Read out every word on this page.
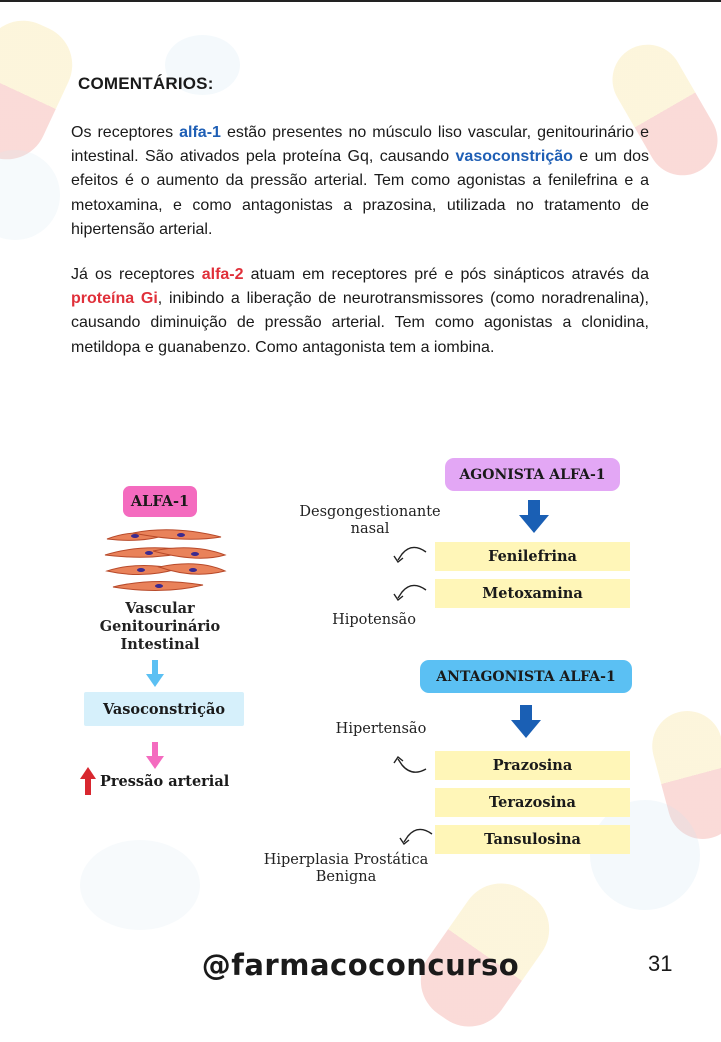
COMENTÁRIOS:

Os receptores alfa-1 estão presentes no músculo liso vascular, genitourinário e intestinal. São ativados pela proteína Gq, causando vasoconstrição e um dos efeitos é o aumento da pressão arterial. Tem como agonistas a fenilefrina e a metoxamina, e como antagonistas a prazosina, utilizada no tratamento de hipertensão arterial.

Já os receptores alfa-2 atuam em receptores pré e pós sinápticos através da proteína Gi, inibindo a liberação de neurotransmissores (como noradrenalina), causando diminuição de pressão arterial. Tem como agonistas a clonidina, metildopa e guanabenzo. Como antagonista tem a iombina.

ALFA-1
Vascular
Genitourinário
Intestinal
Vasoconstrição
Pressão arterial
AGONISTA ALFA-1
Fenilefrina
Metoxamina
Desgongestionante
nasal
Hipotensão
ANTAGONISTA ALFA-1
Prazosina
Terazosina
Tansulosina
Hipertensão
Hiperplasia Prostática
Benigna
@farmacoconcurso	31
